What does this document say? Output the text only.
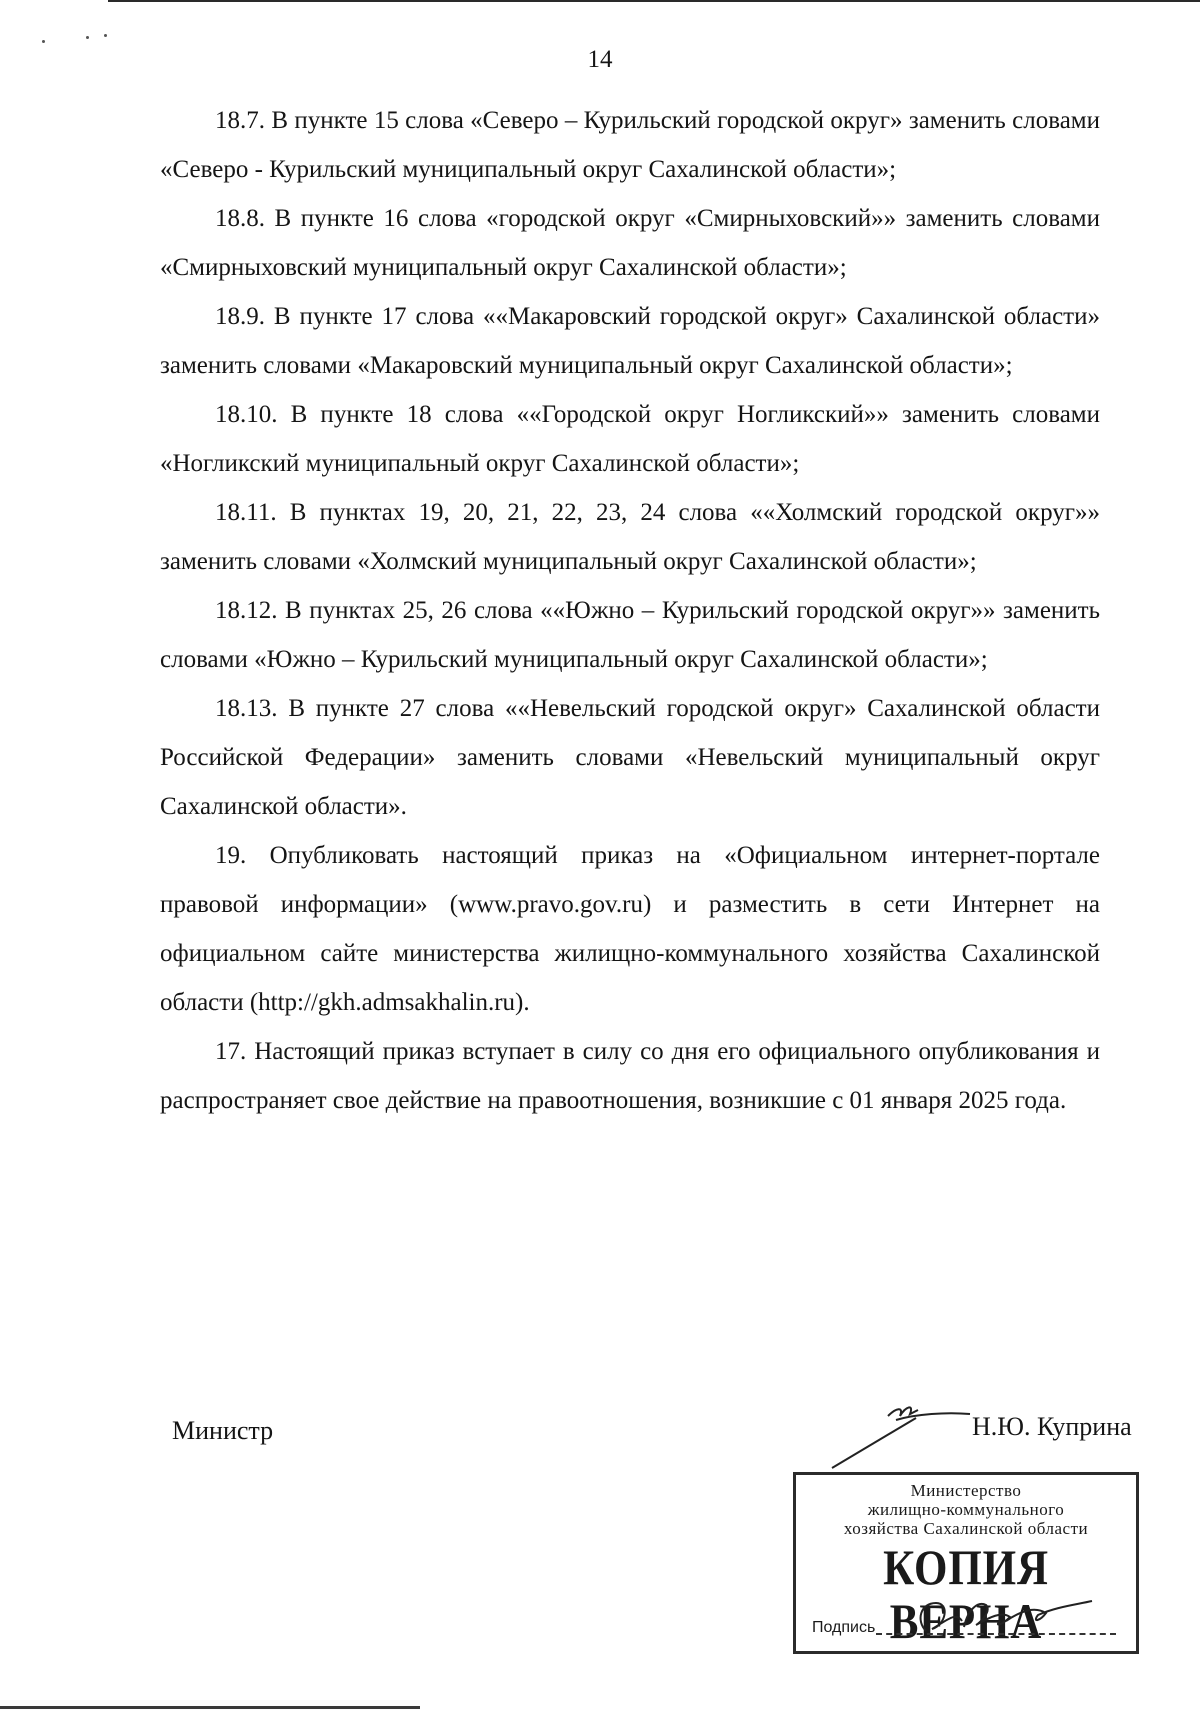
14

18.7. В пункте 15 слова «Северо – Курильский городской округ» заменить словами «Северо - Курильский муниципальный округ Сахалинской области»;

18.8. В пункте 16 слова «городской округ «Смирныховский»» заменить словами «Смирныховский муниципальный округ Сахалинской области»;

18.9. В пункте 17 слова ««Макаровский городской округ» Сахалинской области» заменить словами «Макаровский муниципальный округ Сахалинской области»;

18.10. В пункте 18 слова ««Городской округ Ногликский»» заменить словами «Ногликский муниципальный округ Сахалинской области»;

18.11. В пунктах 19, 20, 21, 22, 23, 24 слова ««Холмский городской округ»» заменить словами «Холмский муниципальный округ Сахалинской области»;

18.12. В пунктах 25, 26 слова ««Южно – Курильский городской округ»» заменить словами «Южно – Курильский муниципальный округ Сахалинской области»;

18.13. В пункте 27 слова ««Невельский городской округ» Сахалинской области Российской Федерации» заменить словами «Невельский муниципальный округ Сахалинской области».

19. Опубликовать настоящий приказ на «Официальном интернет-портале правовой информации» (www.pravo.gov.ru) и разместить в сети Интернет на официальном сайте министерства жилищно-коммунального хозяйства Сахалинской области (http://gkh.admsakhalin.ru).

17. Настоящий приказ вступает в силу со дня его официального опубликования и распространяет свое действие на правоотношения, возникшие с 01 января 2025 года.

Министр	Н.Ю. Куприна
Министерство
жилищно-коммунального
хозяйства Сахалинской области
КОПИЯ ВЕРНА
Подпись
